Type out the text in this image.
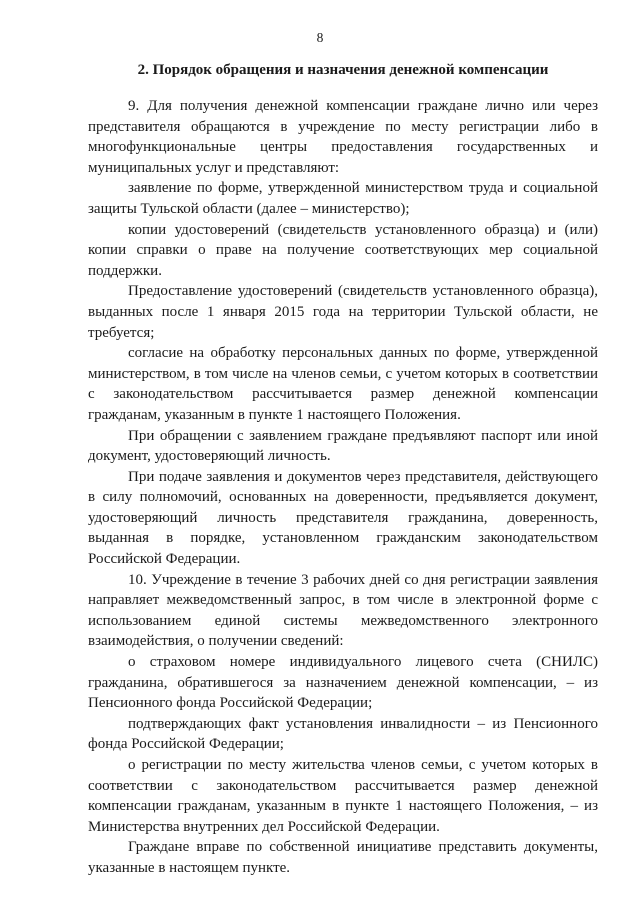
8
2. Порядок обращения и назначения денежной компенсации

9. Для получения денежной компенсации граждане лично или через представителя обращаются в учреждение по месту регистрации либо в многофункциональные центры предоставления государственных и муниципальных услуг и представляют:

заявление по форме, утвержденной министерством труда и социальной защиты Тульской области (далее – министерство);

копии удостоверений (свидетельств установленного образца) и (или) копии справки о праве на получение соответствующих мер социальной поддержки.

Предоставление удостоверений (свидетельств установленного образца), выданных после 1 января 2015 года на территории Тульской области, не требуется;

согласие на обработку персональных данных по форме, утвержденной министерством, в том числе на членов семьи, с учетом которых в соответствии с законодательством рассчитывается размер денежной компенсации гражданам, указанным в пункте 1 настоящего Положения.

При обращении с заявлением граждане предъявляют паспорт или иной документ, удостоверяющий личность.

При подаче заявления и документов через представителя, действующего в силу полномочий, основанных на доверенности, предъявляется документ, удостоверяющий личность представителя гражданина, доверенность, выданная в порядке, установленном гражданским законодательством Российской Федерации.

10. Учреждение в течение 3 рабочих дней со дня регистрации заявления направляет межведомственный запрос, в том числе в электронной форме с использованием единой системы межведомственного электронного взаимодействия, о получении сведений:

о страховом номере индивидуального лицевого счета (СНИЛС) гражданина, обратившегося за назначением денежной компенсации, – из Пенсионного фонда Российской Федерации;

подтверждающих факт установления инвалидности – из Пенсионного фонда Российской Федерации;

о регистрации по месту жительства членов семьи, с учетом которых в соответствии с законодательством рассчитывается размер денежной компенсации гражданам, указанным в пункте 1 настоящего Положения, – из Министерства внутренних дел Российской Федерации.

Граждане вправе по собственной инициативе представить документы, указанные в настоящем пункте.
